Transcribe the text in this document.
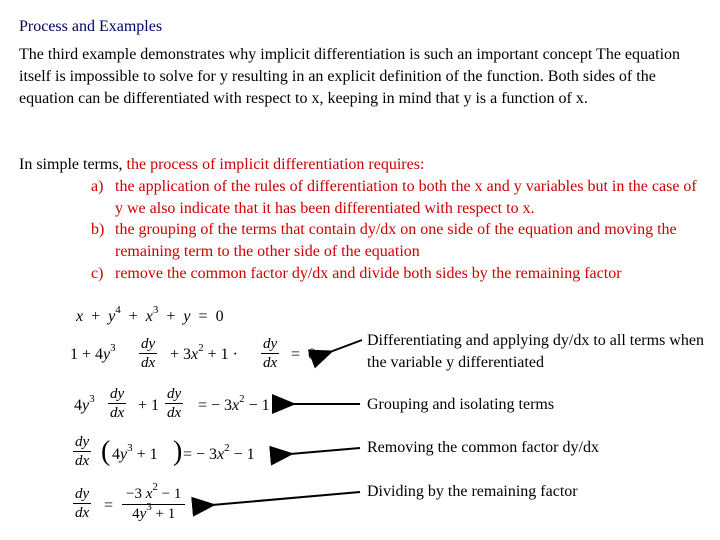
Process and Examples
The third example demonstrates why implicit differentiation is such an important concept The equation itself is impossible to solve for y resulting in an explicit definition of the function. Both sides of the equation can be differentiated with respect to x, keeping in mind that y is a function of x.
In simple terms, the process of implicit differentiation requires:
a) the application of the rules of differentiation to both the x and y variables but in the case of y we also indicate that it has been differentiated with respect to x.
b) the grouping of the terms that contain dy/dx on one side of the equation and moving the remaining term to the other side of the equation
c) remove the common factor dy/dx and divide both sides by the remaining factor
$x + y^4 + x^3 + y = 0$
$1 + 4y^3 \frac{dy}{dx} + 3x^2 + 1 \cdot \frac{dy}{dx} = 0$
$4y^3 \frac{dy}{dx} + 1 \frac{dy}{dx}$ = − $3x^2 - 1$
$\frac{dy}{dx}$ ( $4y^3 + 1$ ) = − $3x^2 - 1$
$\frac{dy}{dx} = \frac{-3 x^2 - 1}{4y^3 + 1}$
Differentiating and applying dy/dx to all terms when the variable y differentiated
Grouping and isolating terms
Removing the common factor dy/dx
Dividing by the remaining factor
